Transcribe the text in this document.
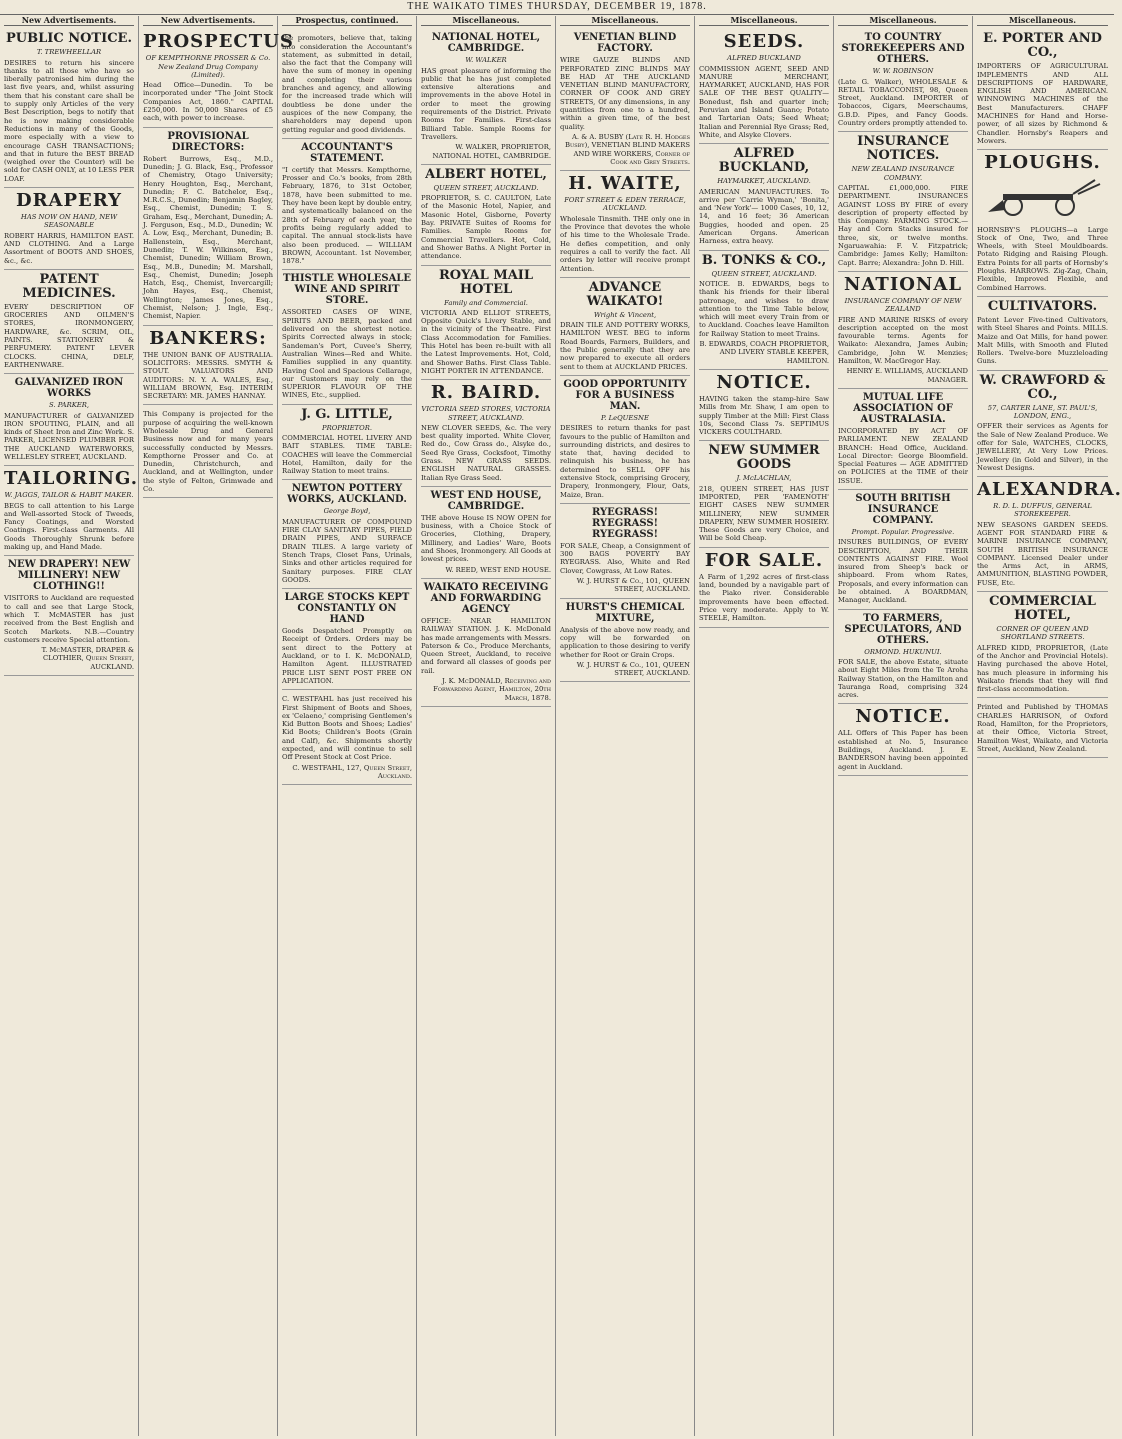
THE WAIKATO TIMES THURSDAY, DECEMBER 19, 1878.
New Advertisements.
PUBLIC NOTICE.
T. TREWHEELLAR
DESIRES to return his sincere thanks to all those who have so liberally patronised him during the last five years, and, whilst assuring them that his constant care shall be to supply only Articles of the very Best Description, begs to notify that he is now making considerable Reductions in many of the Goods, more especially with a view to encourage CASH TRANSACTIONS; and that in future the BEST BREAD (weighed over the Counter) will be sold for CASH ONLY, at 10 LESS PER LOAF.
DRAPERY
HAS NOW ON HAND, NEW SEASONABLE
ROBERT HARRIS, HAMILTON EAST. AND CLOTHING. And a Large Assortment of BOOTS AND SHOES, &c., &c.
PATENT MEDICINES.
EVERY DESCRIPTION OF GROCERIES AND OILMEN'S STORES, IRONMONGERY, HARDWARE, &c. SCRIM, OIL, PAINTS. STATIONERY & PERFUMERY. PATENT LEVER CLOCKS. CHINA, DELF, EARTHENWARE.
GALVANIZED IRON WORKS
S. PARKER,
MANUFACTURER of GALVANIZED IRON SPOUTING, PLAIN, and all kinds of Sheet Iron and Zinc Work. S. PARKER, LICENSED PLUMBER FOR THE AUCKLAND WATERWORKS, WELLESLEY STREET, AUCKLAND.
TAILORING.
W. JAGGS, TAILOR & HABIT MAKER.
BEGS to call attention to his Large and Well-assorted Stock of Tweeds, Fancy Coatings, and Worsted Coatings. First-class Garments. All Goods Thoroughly Shrunk before making up, and Hand Made.
NEW DRAPERY! NEW MILLINERY! NEW CLOTHING!!
VISITORS to Auckland are requested to call and see that Large Stock, which T. McMASTER has just received from the Best English and Scotch Markets. N.B.—Country customers receive Special attention.
T. McMASTER, DRAPER & CLOTHIER, Queen Street, AUCKLAND.
New Advertisements.
PROSPECTUS
OF KEMPTHORNE PROSSER & Co. New Zealand Drug Company (Limited).
Head Office—Dunedin. To be incorporated under "The Joint Stock Companies Act, 1860." CAPITAL £250,000. In 50,000 Shares of £5 each, with power to increase.
PROVISIONAL DIRECTORS:
Robert Burrows, Esq., M.D., Dunedin; J. G. Black, Esq., Professor of Chemistry, Otago University; Henry Houghton, Esq., Merchant, Dunedin; F. C. Batchelor, Esq., M.R.C.S., Dunedin; Benjamin Bagley, Esq., Chemist, Dunedin; T. S. Graham, Esq., Merchant, Dunedin; A. J. Ferguson, Esq., M.D., Dunedin; W. A. Low, Esq., Merchant, Dunedin; B. Hallenstein, Esq., Merchant, Dunedin; T. W. Wilkinson, Esq., Chemist, Dunedin; William Brown, Esq., M.B., Dunedin; M. Marshall, Esq., Chemist, Dunedin; Joseph Hatch, Esq., Chemist, Invercargill; John Hayes, Esq., Chemist, Wellington; James Jones, Esq., Chemist, Nelson; J. Ingle, Esq., Chemist, Napier.
BANKERS:
THE UNION BANK OF AUSTRALIA. SOLICITORS: MESSRS. SMYTH & STOUT. VALUATORS AND AUDITORS: N. Y. A. WALES, Esq., WILLIAM BROWN, Esq. INTERIM SECRETARY: MR. JAMES HANNAY.
This Company is projected for the purpose of acquiring the well-known Wholesale Drug and General Business now and for many years successfully conducted by Messrs. Kempthorne Prosser and Co. at Dunedin, Christchurch, and Auckland, and at Wellington, under the style of Felton, Grimwade and Co.
Prospectus, continued.
the promoters, believe that, taking into consideration the Accountant's statement, as submitted in detail, also the fact that the Company will have the sum of money in opening and completing their various branches and agency, and allowing for the increased trade which will doubtless be done under the auspices of the new Company, the shareholders may depend upon getting regular and good dividends.
ACCOUNTANT'S STATEMENT.
"I certify that Messrs. Kempthorne, Prosser and Co.'s books, from 28th February, 1876, to 31st October, 1878, have been submitted to me. They have been kept by double entry, and systematically balanced on the 28th of February of each year, the profits being regularly added to capital. The annual stock-lists have also been produced. — WILLIAM BROWN, Accountant. 1st November, 1878."
THISTLE WHOLESALE WINE AND SPIRIT STORE.
ASSORTED CASES OF WINE, SPIRITS AND BEER, packed and delivered on the shortest notice. Spirits Corrected always in stock; Sandeman's Port, Cuvee's Sherry, Australian Wines—Red and White. Families supplied in any quantity. Having Cool and Spacious Cellarage, our Customers may rely on the SUPERIOR FLAVOUR OF THE WINES, Etc., supplied.
J. G. LITTLE,
PROPRIETOR.
COMMERCIAL HOTEL LIVERY AND BAIT STABLES. TIME TABLE: COACHES will leave the Commercial Hotel, Hamilton, daily for the Railway Station to meet trains.
NEWTON POTTERY WORKS, AUCKLAND.
George Boyd,
MANUFACTURER OF COMPOUND FIRE CLAY SANITARY PIPES, FIELD DRAIN PIPES, AND SURFACE DRAIN TILES. A large variety of Stench Traps, Closet Pans, Urinals, Sinks and other articles required for Sanitary purposes. FIRE CLAY GOODS.
LARGE STOCKS KEPT CONSTANTLY ON HAND
Goods Despatched Promptly on Receipt of Orders. Orders may be sent direct to the Pottery at Auckland, or to I. K. McDONALD, Hamilton Agent. ILLUSTRATED PRICE LIST SENT POST FREE ON APPLICATION.
C. WESTFAHL has just received his First Shipment of Boots and Shoes, ex 'Celaeno,' comprising Gentlemen's Kid Button Boots and Shoes; Ladies' Kid Boots; Children's Boots (Grain and Calf), &c. Shipments shortly expected, and will continue to sell Off Present Stock at Cost Price.
C. WESTFAHL, 127, Queen Street, Auckland.
Miscellaneous.
NATIONAL HOTEL, CAMBRIDGE.
W. WALKER
HAS great pleasure of informing the public that he has just completed extensive alterations and improvements in the above Hotel in order to meet the growing requirements of the District. Private Rooms for Families. First-class Billiard Table. Sample Rooms for Travellers.
W. WALKER, PROPRIETOR, NATIONAL HOTEL, CAMBRIDGE.
ALBERT HOTEL,
QUEEN STREET, AUCKLAND.
PROPRIETOR, S. C. CAULTON, Late of the Masonic Hotel, Napier, and Masonic Hotel, Gisborne, Poverty Bay. PRIVATE Suites of Rooms for Families. Sample Rooms for Commercial Travellers. Hot, Cold, and Shower Baths. A Night Porter in attendance.
ROYAL MAIL HOTEL
Family and Commercial.
VICTORIA AND ELLIOT STREETS, Opposite Quick's Livery Stable, and in the vicinity of the Theatre. First Class Accommodation for Families. This Hotel has been re-built with all the Latest Improvements. Hot, Cold, and Shower Baths. First Class Table. NIGHT PORTER IN ATTENDANCE.
R. BAIRD.
VICTORIA SEED STORES, VICTORIA STREET, AUCKLAND.
NEW CLOVER SEEDS, &c. The very best quality imported. White Clover, Red do., Cow Grass do., Alsyke do., Seed Rye Grass, Cocksfoot, Timothy Grass. NEW GRASS SEEDS. ENGLISH NATURAL GRASSES. Italian Rye Grass Seed.
WEST END HOUSE, CAMBRIDGE.
THE above House IS NOW OPEN for business, with a Choice Stock of Groceries, Clothing, Drapery, Millinery, and Ladies' Ware, Boots and Shoes, Ironmongery. All Goods at lowest prices.
W. REED, WEST END HOUSE.
WAIKATO RECEIVING AND FORWARDING AGENCY
OFFICE: NEAR HAMILTON RAILWAY STATION. J. K. McDonald has made arrangements with Messrs. Paterson & Co., Produce Merchants, Queen Street, Auckland, to receive and forward all classes of goods per rail.
J. K. McDONALD, Receiving and Forwarding Agent, Hamilton, 20th March, 1878.
Miscellaneous.
VENETIAN BLIND FACTORY.
WIRE GAUZE BLINDS AND PERFORATED ZINC BLINDS MAY BE HAD AT THE AUCKLAND VENETIAN BLIND MANUFACTORY, CORNER OF COOK AND GREY STREETS, Of any dimensions, in any quantities from one to a hundred, within a given time, of the best quality.
A. & A. BUSBY (Late R. H. Hodges Busby), VENETIAN BLIND MAKERS AND WIRE WORKERS, Corner of Cook and Grey Streets.
H. WAITE,
FORT STREET & EDEN TERRACE, AUCKLAND.
Wholesale Tinsmith. THE only one in the Province that devotes the whole of his time to the Wholesale Trade. He defies competition, and only requires a call to verify the fact. All orders by letter will receive prompt Attention.
ADVANCE WAIKATO!
Wright & Vincent,
DRAIN TILE AND POTTERY WORKS, HAMILTON WEST. BEG to inform Road Boards, Farmers, Builders, and the Public generally that they are now prepared to execute all orders sent to them at AUCKLAND PRICES.
GOOD OPPORTUNITY FOR A BUSINESS MAN.
P. LeQUESNE
DESIRES to return thanks for past favours to the public of Hamilton and surrounding districts, and desires to state that, having decided to relinquish his business, he has determined to SELL OFF his extensive Stock, comprising Grocery, Drapery, Ironmongery, Flour, Oats, Maize, Bran.
RYEGRASS! RYEGRASS! RYEGRASS!
FOR SALE, Cheap, a Consignment of 300 BAGS POVERTY BAY RYEGRASS. Also, White and Red Clover, Cowgrass, At Low Rates.
W. J. HURST & Co., 101, QUEEN STREET, AUCKLAND.
HURST'S CHEMICAL MIXTURE,
Analysis of the above now ready, and copy will be forwarded on application to those desiring to verify whether for Root or Grain Crops.
W. J. HURST & Co., 101, QUEEN STREET, AUCKLAND.
Miscellaneous.
SEEDS.
ALFRED BUCKLAND
COMMISSION AGENT, SEED AND MANURE MERCHANT, HAYMARKET, AUCKLAND, HAS FOR SALE OF THE BEST QUALITY—Bonedust, fish and quarter inch; Peruvian and Island Guano; Potato and Tartarian Oats; Seed Wheat; Italian and Perennial Rye Grass; Red, White, and Alsyke Clovers.
ALFRED BUCKLAND,
HAYMARKET, AUCKLAND.
AMERICAN MANUFACTURES. To arrive per 'Carrie Wyman,' 'Bonita,' and 'New York'— 1000 Cases, 10, 12, 14, and 16 feet; 36 American Buggies, hooded and open. 25 American Organs. American Harness, extra heavy.
B. TONKS & CO.,
QUEEN STREET, AUCKLAND.
NOTICE. B. EDWARDS, begs to thank his friends for their liberal patronage, and wishes to draw attention to the Time Table below, which will meet every Train from or to Auckland. Coaches leave Hamilton for Railway Station to meet Trains.
B. EDWARDS, COACH PROPRIETOR, AND LIVERY STABLE KEEPER, HAMILTON.
NOTICE.
HAVING taken the stamp-hire Saw Mills from Mr. Shaw, I am open to supply Timber at the Mill: First Class 10s, Second Class 7s. SEPTIMUS VICKERS COULTHARD.
NEW SUMMER GOODS
J. McLACHLAN,
218, QUEEN STREET, HAS JUST IMPORTED, PER 'FAMENOTH' EIGHT CASES NEW SUMMER MILLINERY, NEW SUMMER DRAPERY, NEW SUMMER HOSIERY. These Goods are very Choice, and Will be Sold Cheap.
FOR SALE.
A Farm of 1,292 acres of first-class land, bounded by a navigable part of the Piako river. Considerable improvements have been effected. Price very moderate. Apply to W. STEELE, Hamilton.
Miscellaneous.
TO COUNTRY STOREKEEPERS AND OTHERS.
W. W. ROBINSON
(Late G. Walker), WHOLESALE & RETAIL TOBACCONIST, 98, Queen Street, Auckland. IMPORTER of Tobaccos, Cigars, Meerschaums, G.B.D. Pipes, and Fancy Goods. Country orders promptly attended to.
INSURANCE NOTICES.
NEW ZEALAND INSURANCE COMPANY.
CAPITAL £1,000,000. FIRE DEPARTMENT. INSURANCES AGAINST LOSS BY FIRE of every description of property effected by this Company. FARMING STOCK.—Hay and Corn Stacks insured for three, six, or twelve months. Ngaruawahia: F. V. Fitzpatrick; Cambridge: James Kelly; Hamilton: Capt. Barre; Alexandra: John D. Hill.
NATIONAL
INSURANCE COMPANY OF NEW ZEALAND
FIRE AND MARINE RISKS of every description accepted on the most favourable terms. Agents for Waikato: Alexandra, James Aubin; Cambridge, John W. Menzies; Hamilton, W. MacGregor Hay.
HENRY E. WILLIAMS, AUCKLAND MANAGER.
MUTUAL LIFE ASSOCIATION OF AUSTRALASIA.
INCORPORATED BY ACT OF PARLIAMENT. NEW ZEALAND BRANCH: Head Office, Auckland. Local Director: George Bloomfield. Special Features — AGE ADMITTED on POLICIES at the TIME of their ISSUE.
SOUTH BRITISH INSURANCE COMPANY.
Prompt. Popular. Progressive.
INSURES BUILDINGS, OF EVERY DESCRIPTION, AND THEIR CONTENTS AGAINST FIRE. Wool insured from Sheep's back or shipboard. From whom Rates, Proposals, and every information can be obtained. A BOARDMAN, Manager, Auckland.
TO FARMERS, SPECULATORS, AND OTHERS.
ORMOND. HUKUNUI.
FOR SALE, the above Estate, situate about Eight Miles from the Te Aroha Railway Station, on the Hamilton and Tauranga Road, comprising 324 acres.
NOTICE.
ALL Offers of This Paper has been established at No. 5, Insurance Buildings, Auckland. J. E. BANDERSON having been appointed agent in Auckland.
Miscellaneous.
E. PORTER AND CO.,
IMPORTERS OF AGRICULTURAL IMPLEMENTS AND ALL DESCRIPTIONS OF HARDWARE, ENGLISH AND AMERICAN. WINNOWING MACHINES of the Best Manufacturers. CHAFF MACHINES for Hand and Horse-power, of all sizes by Richmond & Chandler. Hornsby's Reapers and Mowers.
PLOUGHS.
HORNSBY'S PLOUGHS—a Large Stock of One, Two, and Three Wheels, with Steel Mouldboards. Potato Ridging and Raising Plough. Extra Points for all parts of Hornsby's Ploughs. HARROWS. Zig-Zag, Chain, Flexible, Improved Flexible, and Combined Harrows.
CULTIVATORS.
Patent Lever Five-tined Cultivators, with Steel Shares and Points. MILLS. Maize and Oat Mills, for hand power. Malt Mills, with Smooth and Fluted Rollers. Twelve-bore Muzzleloading Guns.
W. CRAWFORD & CO.,
57, CARTER LANE, ST. PAUL'S, LONDON, ENG.,
OFFER their services as Agents for the Sale of New Zealand Produce. We offer for Sale, WATCHES, CLOCKS, JEWELLERY, At Very Low Prices. Jewellery (in Gold and Silver), in the Newest Designs.
ALEXANDRA.
R. D. L. DUFFUS, GENERAL STOREKEEPER.
NEW SEASONS GARDEN SEEDS. AGENT FOR STANDARD FIRE & MARINE INSURANCE COMPANY, SOUTH BRITISH INSURANCE COMPANY. Licensed Dealer under the Arms Act, in ARMS, AMMUNITION, BLASTING POWDER, FUSE, Etc.
COMMERCIAL HOTEL,
CORNER OF QUEEN AND SHORTLAND STREETS.
ALFRED KIDD, PROPRIETOR, (Late of the Anchor and Provincial Hotels). Having purchased the above Hotel, has much pleasure in informing his Waikato friends that they will find first-class accommodation.
Printed and Published by THOMAS CHARLES HARRISON, of Oxford Road, Hamilton, for the Proprietors, at their Office, Victoria Street, Hamilton West, Waikato, and Victoria Street, Auckland, New Zealand.
